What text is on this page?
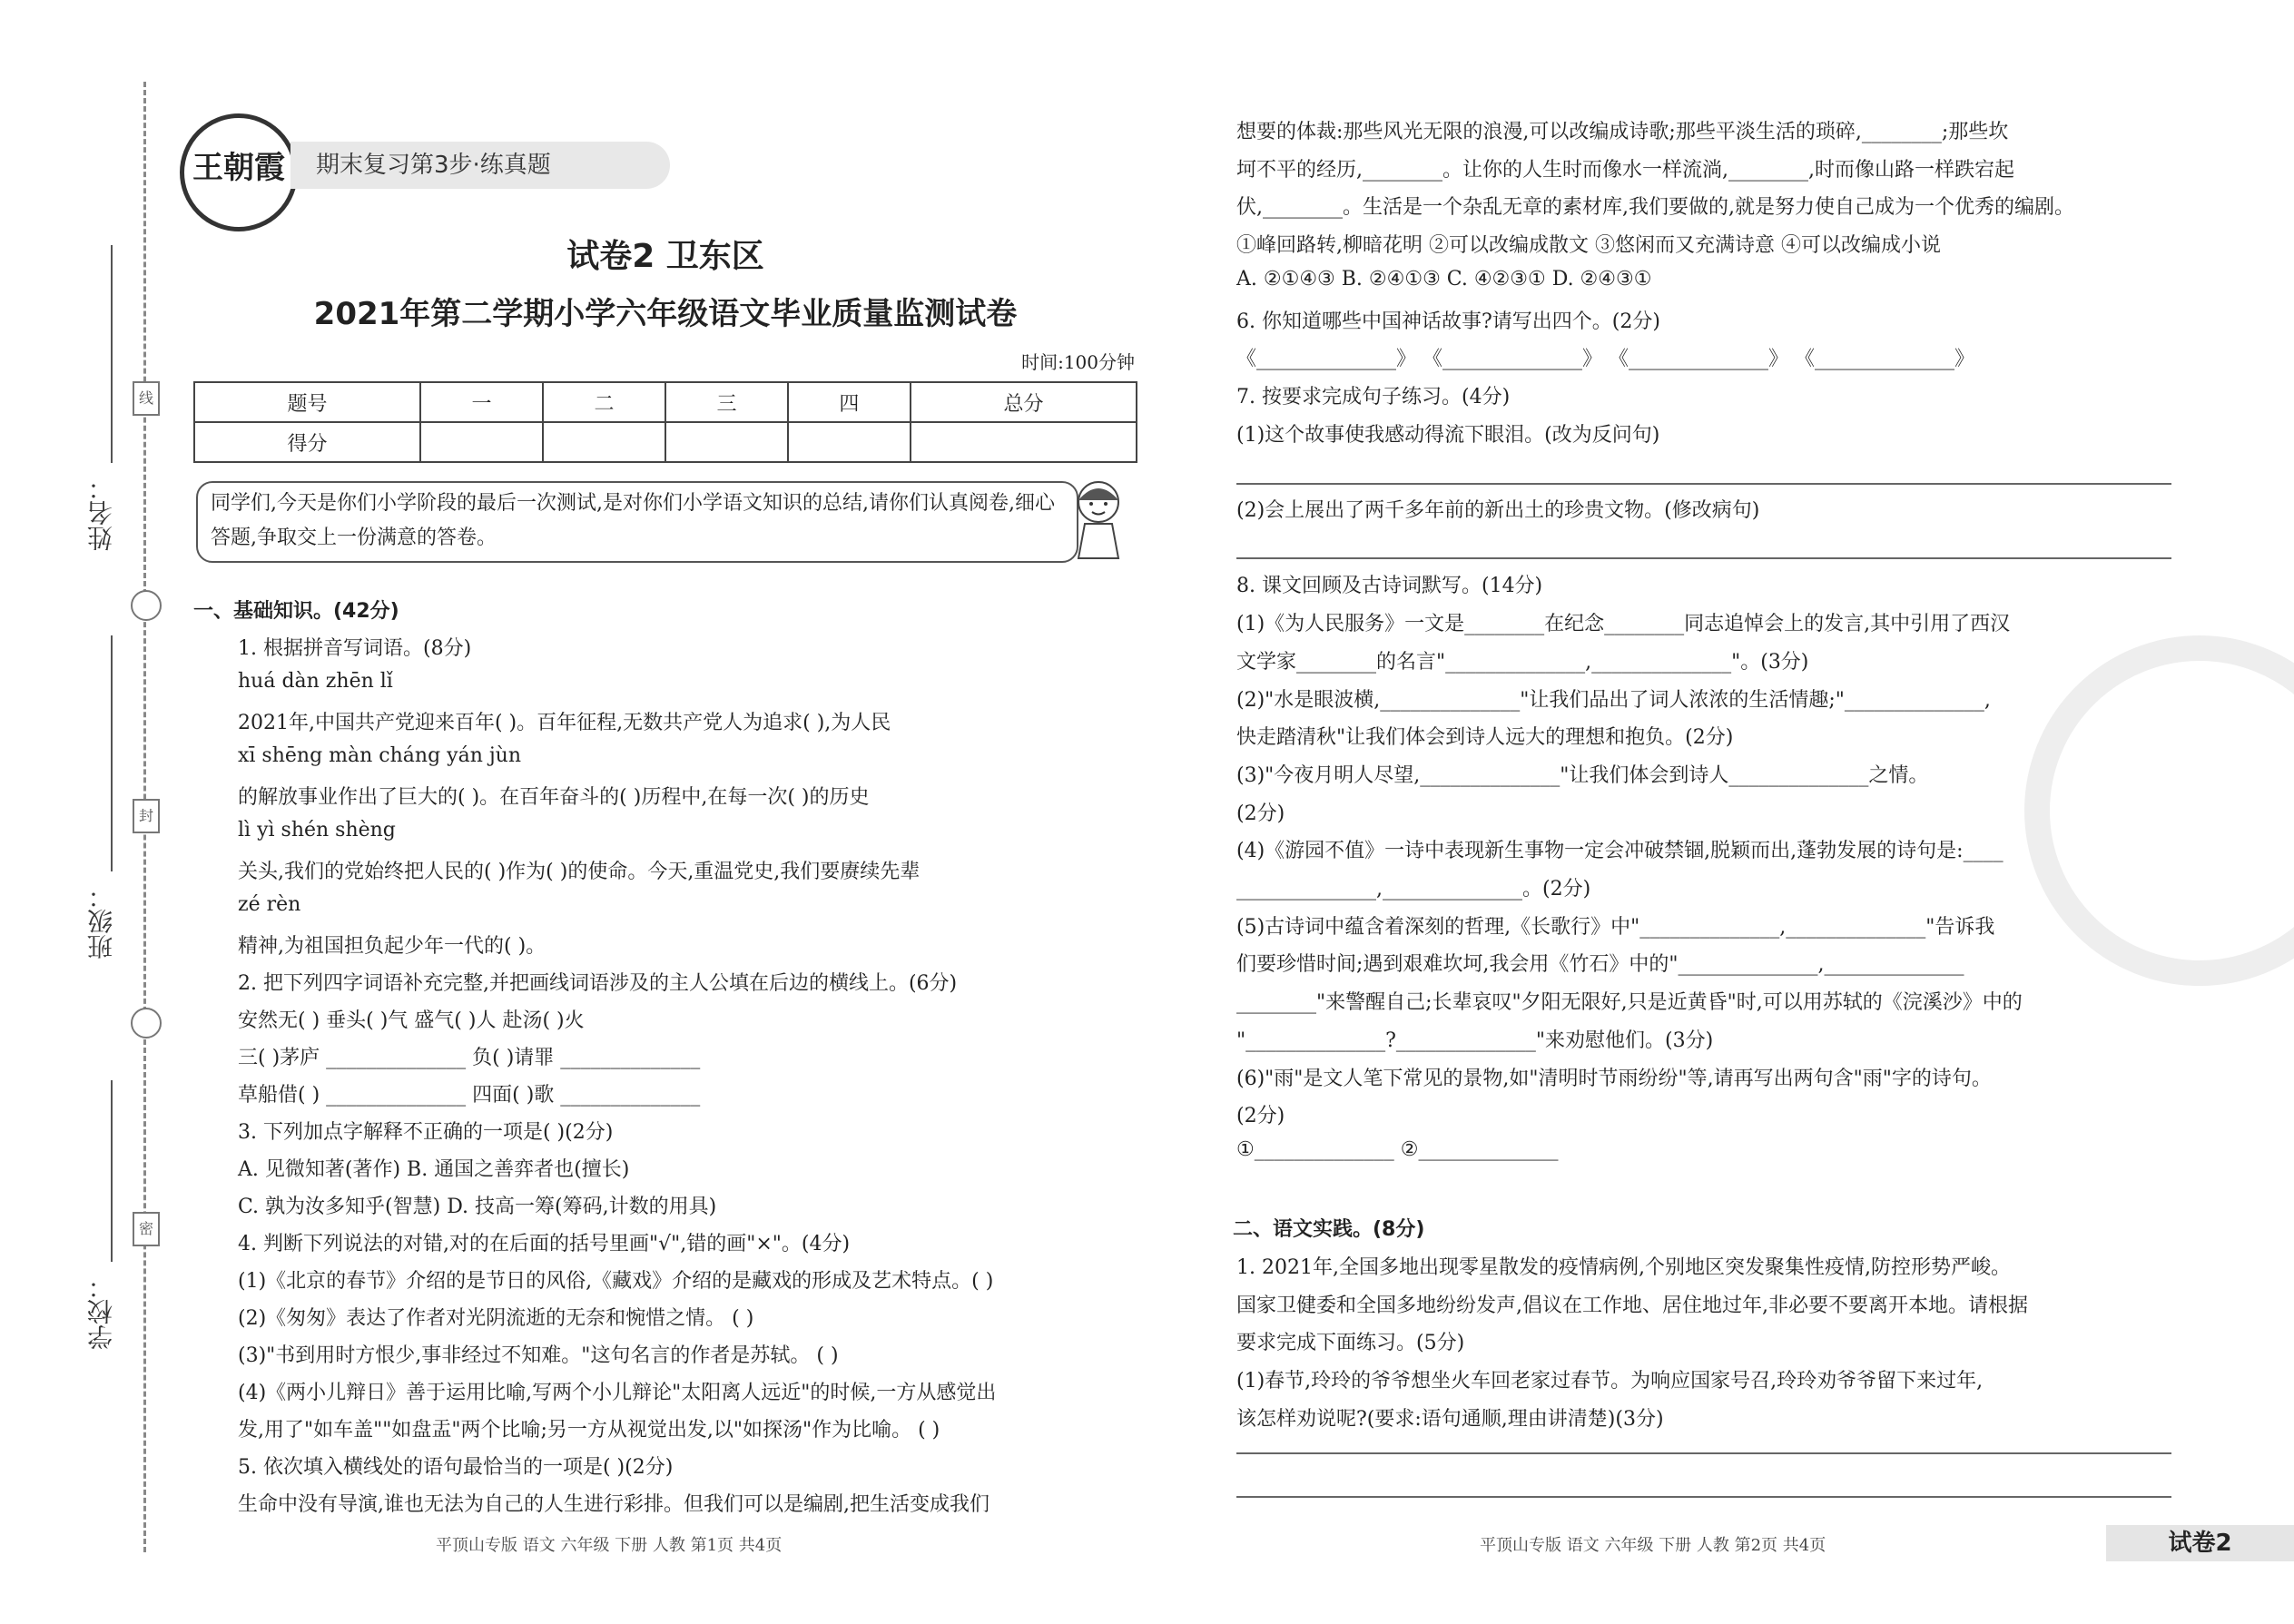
姓名：
班级：
学校：
线
封
密
王朝霞	期末复习第3步·练真题
试卷2 卫东区
2021年第二学期小学六年级语文毕业质量监测试卷
时间:100分钟
题号	一	二	三	四	总分
得分					
同学们,今天是你们小学阶段的最后一次测试,是对你们小学语文知识的总结,请你们认真阅卷,细心答题,争取交上一份满意的答卷。
一、基础知识。(42分)
1. 根据拼音写词语。(8分)
huá dàn zhēn lǐ
2021年,中国共产党迎来百年( )。百年征程,无数共产党人为追求( ),为人民
xī shēng màn cháng yán jùn
的解放事业作出了巨大的( )。在百年奋斗的( )历程中,在每一次( )的历史
lì yì shén shèng
关头,我们的党始终把人民的( )作为( )的使命。今天,重温党史,我们要赓续先辈
zé rèn
精神,为祖国担负起少年一代的( )。
2. 把下列四字词语补充完整,并把画线词语涉及的主人公填在后边的横线上。(6分)
安然无( ) 垂头( )气 盛气( )人 赴汤( )火
三( )茅庐 ______________ 负( )请罪 ______________
草船借( ) ______________ 四面( )歌 ______________
3. 下列加点字解释不正确的一项是( )(2分)
A. 见微知著(著作) B. 通国之善弈者也(擅长)
C. 孰为汝多知乎(智慧) D. 技高一筹(筹码,计数的用具)
4. 判断下列说法的对错,对的在后面的括号里画"√",错的画"×"。(4分)
(1)《北京的春节》介绍的是节日的风俗,《藏戏》介绍的是藏戏的形成及艺术特点。( )
(2)《匆匆》表达了作者对光阴流逝的无奈和惋惜之情。 ( )
(3)"书到用时方恨少,事非经过不知难。"这句名言的作者是苏轼。 ( )
(4)《两小儿辩日》善于运用比喻,写两个小儿辩论"太阳离人远近"的时候,一方从感觉出
发,用了"如车盖""如盘盂"两个比喻;另一方从视觉出发,以"如探汤"作为比喻。 ( )
5. 依次填入横线处的语句最恰当的一项是( )(2分)
生命中没有导演,谁也无法为自己的人生进行彩排。但我们可以是编剧,把生活变成我们
想要的体裁:那些风光无限的浪漫,可以改编成诗歌;那些平淡生活的琐碎,________;那些坎
坷不平的经历,________。让你的人生时而像水一样流淌,________,时而像山路一样跌宕起
伏,________。生活是一个杂乱无章的素材库,我们要做的,就是努力使自己成为一个优秀的编剧。
①峰回路转,柳暗花明 ②可以改编成散文 ③悠闲而又充满诗意 ④可以改编成小说
A. ②①④③ B. ②④①③ C. ④②③① D. ②④③①
6. 你知道哪些中国神话故事?请写出四个。(2分)
《______________》 《______________》 《______________》 《______________》
7. 按要求完成句子练习。(4分)
(1)这个故事使我感动得流下眼泪。(改为反问句)
(2)会上展出了两千多年前的新出土的珍贵文物。(修改病句)
8. 课文回顾及古诗词默写。(14分)
(1)《为人民服务》一文是________在纪念________同志追悼会上的发言,其中引用了西汉
文学家________的名言"______________,______________"。(3分)
(2)"水是眼波横,______________"让我们品出了词人浓浓的生活情趣;"______________,
快走踏清秋"让我们体会到诗人远大的理想和抱负。(2分)
(3)"今夜月明人尽望,______________"让我们体会到诗人______________之情。
(2分)
(4)《游园不值》一诗中表现新生事物一定会冲破禁锢,脱颖而出,蓬勃发展的诗句是:____
______________,______________。(2分)
(5)古诗词中蕴含着深刻的哲理,《长歌行》中"______________,______________"告诉我
们要珍惜时间;遇到艰难坎坷,我会用《竹石》中的"______________,______________
________"来警醒自己;长辈哀叹"夕阳无限好,只是近黄昏"时,可以用苏轼的《浣溪沙》中的
"______________?______________"来劝慰他们。(3分)
(6)"雨"是文人笔下常见的景物,如"清明时节雨纷纷"等,请再写出两句含"雨"字的诗句。
(2分)
①______________ ②______________
二、语文实践。(8分)
1. 2021年,全国多地出现零星散发的疫情病例,个别地区突发聚集性疫情,防控形势严峻。
国家卫健委和全国多地纷纷发声,倡议在工作地、居住地过年,非必要不要离开本地。请根据
要求完成下面练习。(5分)
(1)春节,玲玲的爷爷想坐火车回老家过春节。为响应国家号召,玲玲劝爷爷留下来过年,
该怎样劝说呢?(要求:语句通顺,理由讲清楚)(3分)
平顶山专版 语文 六年级 下册 人教 第1页 共4页	平顶山专版 语文 六年级 下册 人教 第2页 共4页	试卷2
